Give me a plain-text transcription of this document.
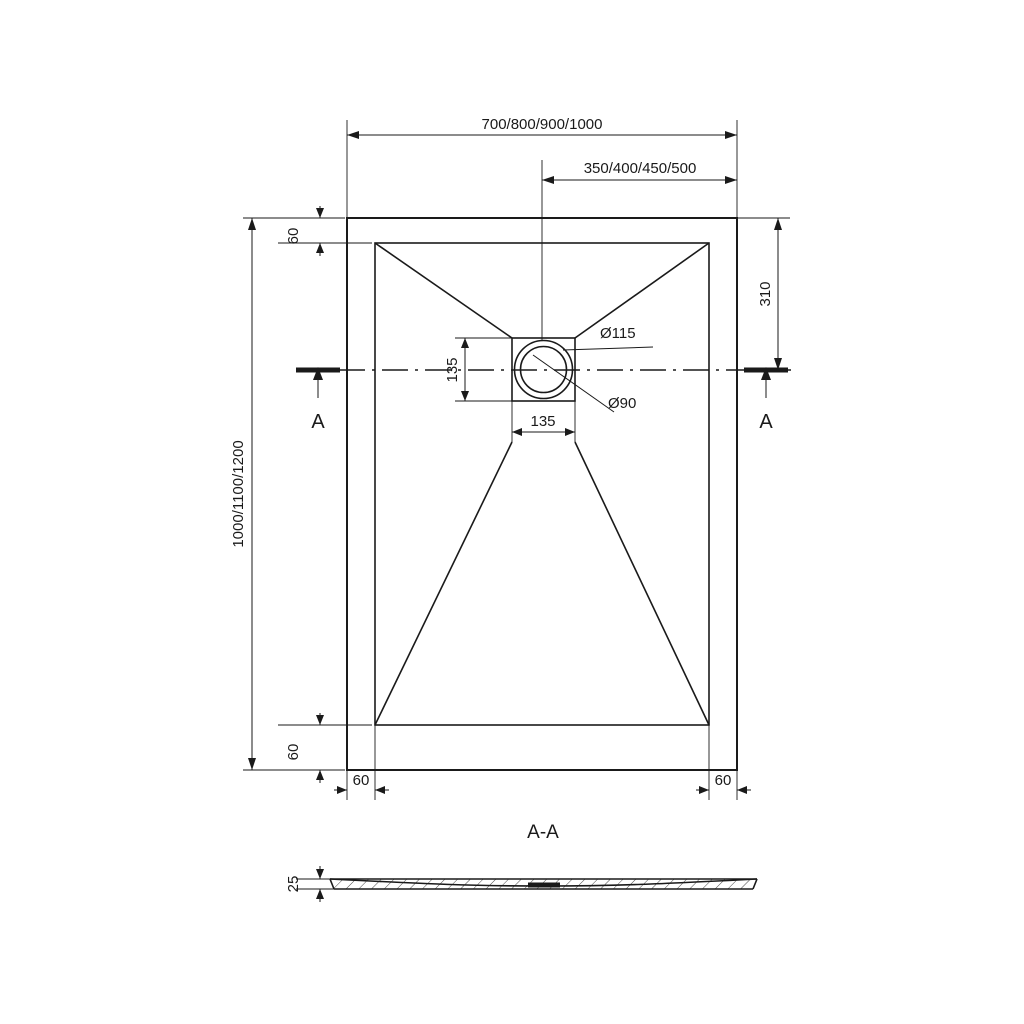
700/800/900/1000
350/400/450/500
A	A
60
310
1000/1100/1200
60
135
135
Ø115
Ø90
60	60
A-A
25
